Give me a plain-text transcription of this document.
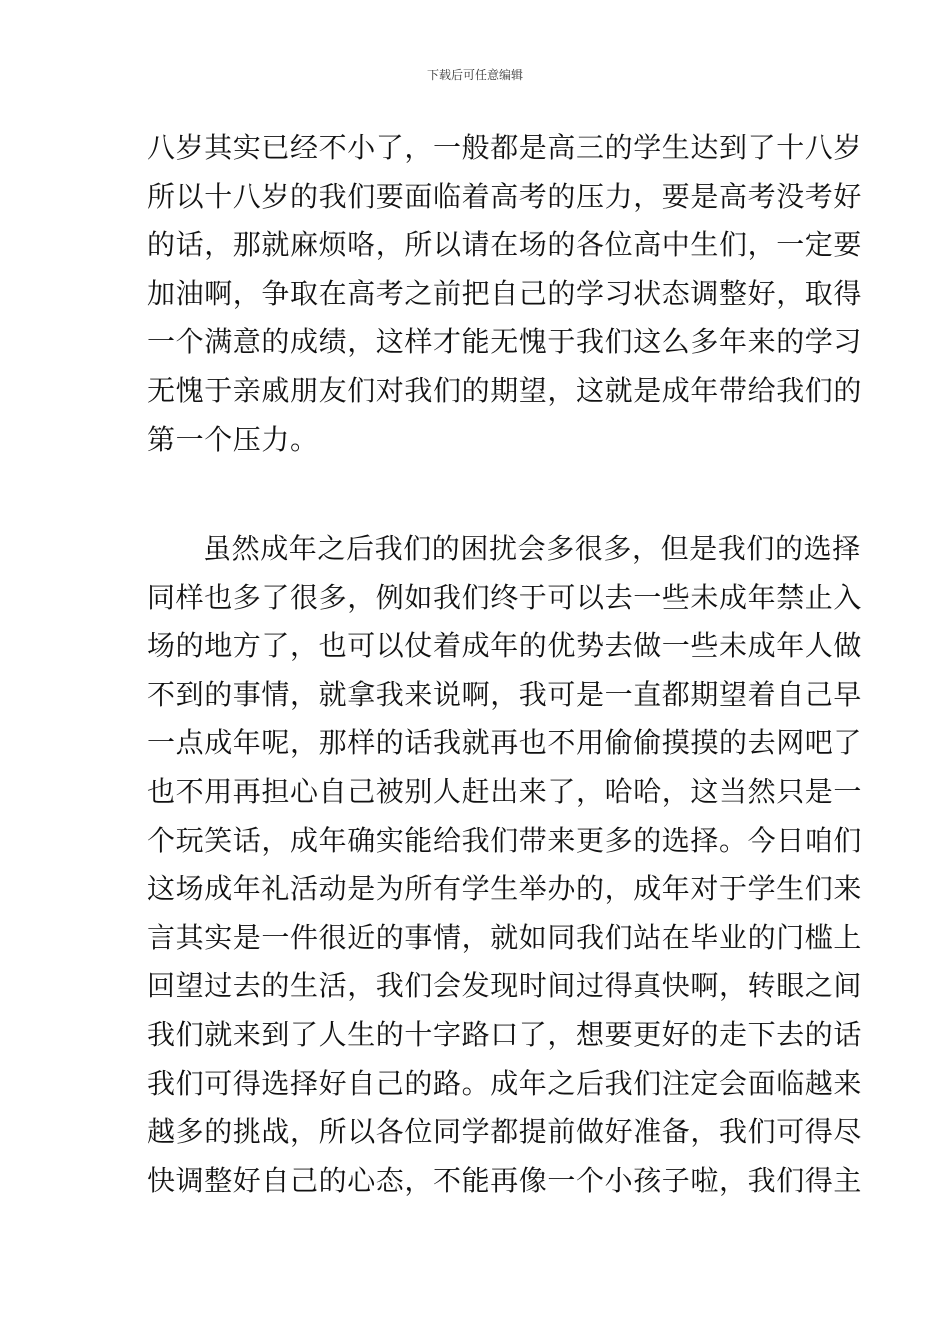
下载后可任意编辑
八岁其实已经不小了，一般都是高三的学生达到了十八岁
所以十八岁的我们要面临着高考的压力，要是高考没考好
的话，那就麻烦咯，所以请在场的各位高中生们，一定要
加油啊，争取在高考之前把自己的学习状态调整好，取得
一个满意的成绩，这样才能无愧于我们这么多年来的学习
无愧于亲戚朋友们对我们的期望，这就是成年带给我们的
第一个压力。
虽然成年之后我们的困扰会多很多，但是我们的选择
同样也多了很多，例如我们终于可以去一些未成年禁止入
场的地方了，也可以仗着成年的优势去做一些未成年人做
不到的事情，就拿我来说啊，我可是一直都期望着自己早
一点成年呢，那样的话我就再也不用偷偷摸摸的去网吧了
也不用再担心自己被别人赶出来了，哈哈，这当然只是一
个玩笑话，成年确实能给我们带来更多的选择。今日咱们
这场成年礼活动是为所有学生举办的，成年对于学生们来
言其实是一件很近的事情，就如同我们站在毕业的门槛上
回望过去的生活，我们会发现时间过得真快啊，转眼之间
我们就来到了人生的十字路口了，想要更好的走下去的话
我们可得选择好自己的路。成年之后我们注定会面临越来
越多的挑战，所以各位同学都提前做好准备，我们可得尽
快调整好自己的心态，不能再像一个小孩子啦，我们得主
